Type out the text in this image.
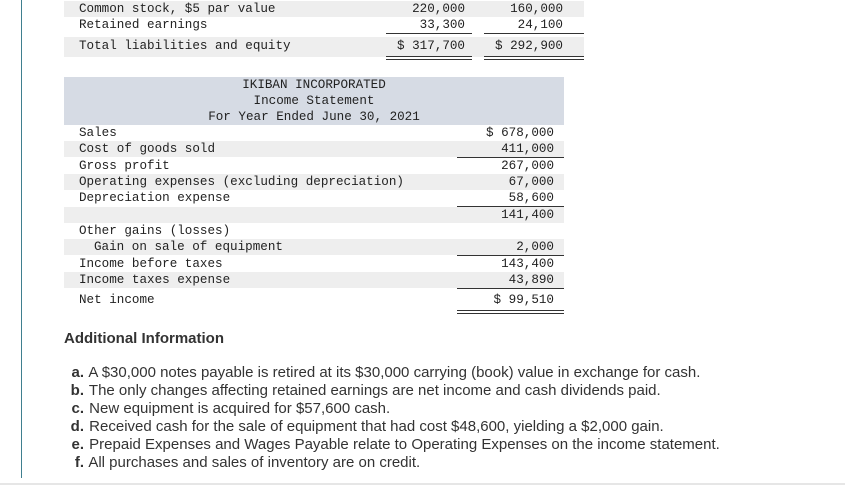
Common stock, $5 par value	220,000	160,000
Retained earnings	33,300	24,100
Total liabilities and equity	$ 317,700 $ 292,900
IKIBAN INCORPORATED
Income Statement
For Year Ended June 30, 2021
Sales	$ 678,000
Cost of goods sold	411,000
Gross profit	267,000
Operating expenses (excluding depreciation)	67,000
Depreciation expense	58,600
141,400
Other gains (losses)
Gain on sale of equipment	2,000
Income before taxes	143,400
Income taxes expense	43,890
Net income	$ 99,510
Additional Information
a. A $30,000 notes payable is retired at its $30,000 carrying (book) value in exchange for cash.
b. The only changes affecting retained earnings are net income and cash dividends paid.
c. New equipment is acquired for $57,600 cash.
d. Received cash for the sale of equipment that had cost $48,600, yielding a $2,000 gain.
e. Prepaid Expenses and Wages Payable relate to Operating Expenses on the income statement.
f. All purchases and sales of inventory are on credit.
